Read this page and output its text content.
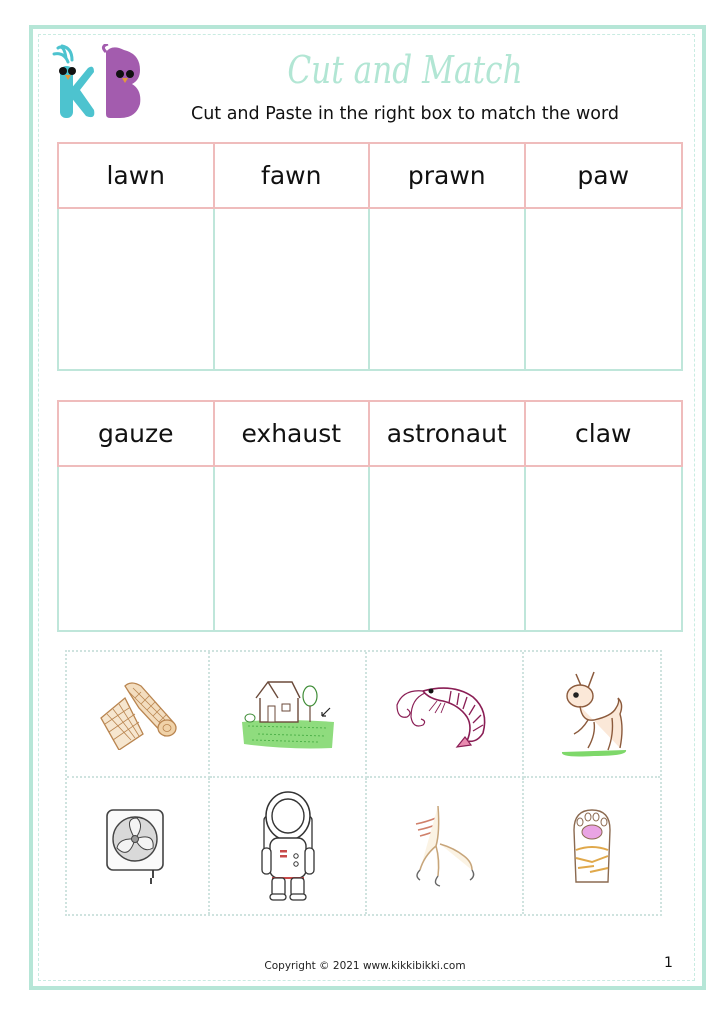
Cut and Match
Cut and Paste in the right box to match the word
lawn	fawn	prawn	paw
gauze	exhaust	astronaut	claw
Copyright © 2021 www.kikkibikki.com	1
